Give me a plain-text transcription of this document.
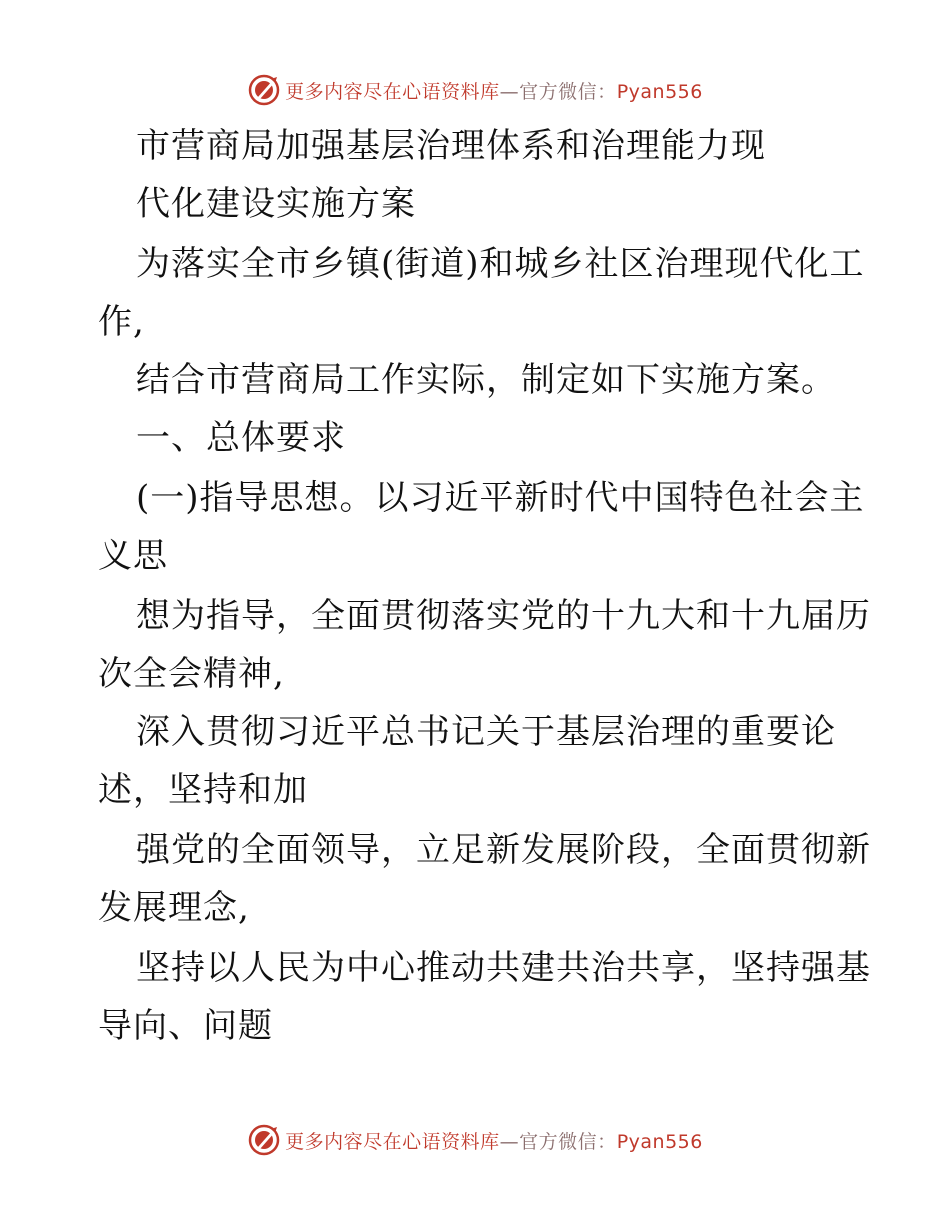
更多内容尽在心语资料库—官方微信：Pyan556
市营商局加强基层治理体系和治理能力现
代化建设实施方案
为落实全市乡镇(街道)和城乡社区治理现代化工
作,
结合市营商局工作实际，制定如下实施方案。
一、总体要求
(一)指导思想。以习近平新时代中国特色社会主
义思
想为指导，全面贯彻落实党的十九大和十九届历
次全会精神,
深入贯彻习近平总书记关于基层治理的重要论
述，坚持和加
强党的全面领导，立足新发展阶段，全面贯彻新
发展理念,
坚持以人民为中心推动共建共治共享，坚持强基
导向、问题
更多内容尽在心语资料库—官方微信：Pyan556
